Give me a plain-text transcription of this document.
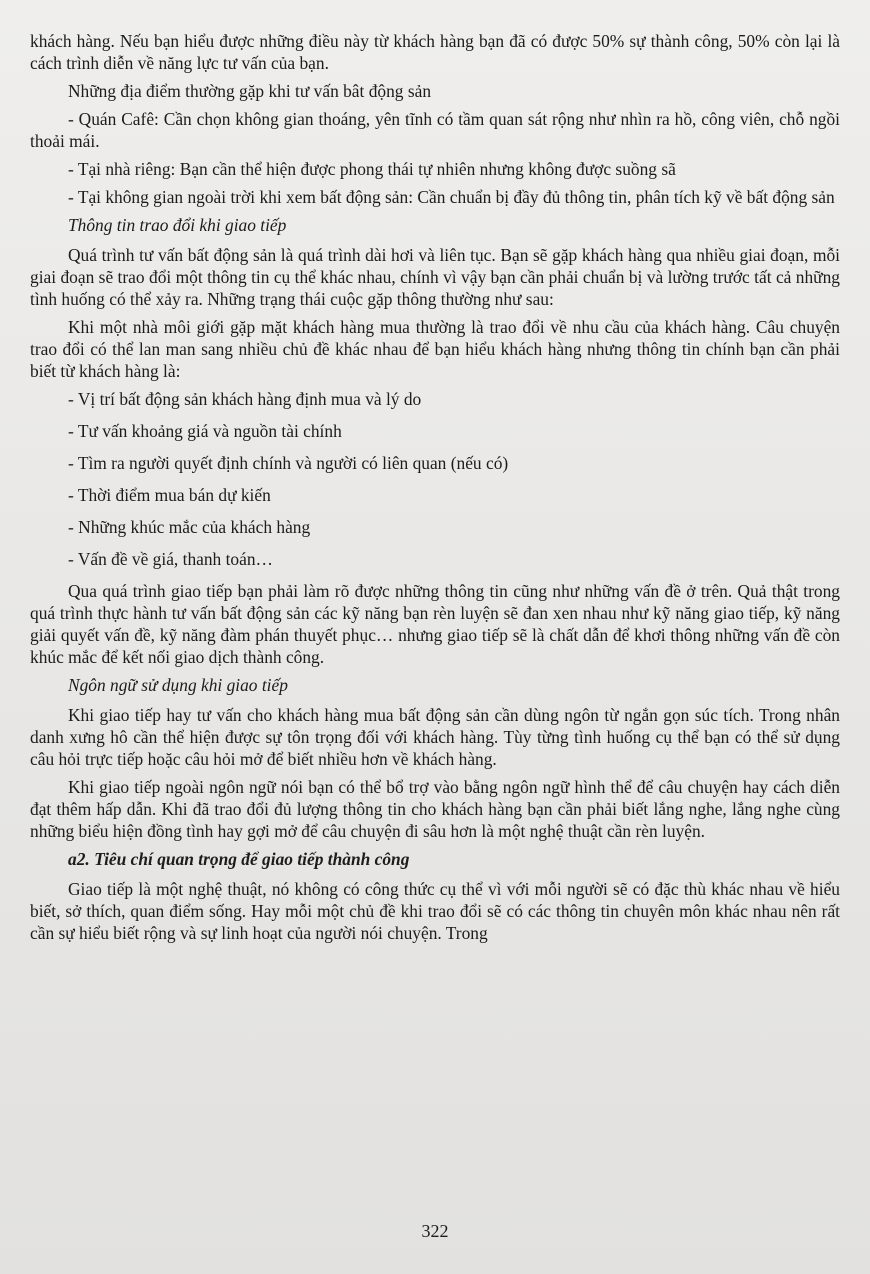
khách hàng. Nếu bạn hiểu được những điều này từ khách hàng bạn đã có được 50% sự thành công, 50% còn lại là cách trình diễn về năng lực tư vấn của bạn.

Những địa điểm thường gặp khi tư vấn bât động sản

- Quán Cafê: Cần chọn không gian thoáng, yên tĩnh có tầm quan sát rộng như nhìn ra hồ, công viên, chỗ ngồi thoải mái.

- Tại nhà riêng: Bạn cần thể hiện được phong thái tự nhiên nhưng không được suồng sã

- Tại không gian ngoài trời khi xem bất động sản: Cần chuẩn bị đầy đủ thông tin, phân tích kỹ về bất động sản

Thông tin trao đổi khi giao tiếp

Quá trình tư vấn bất động sản là quá trình dài hơi và liên tục. Bạn sẽ gặp khách hàng qua nhiều giai đoạn, mỗi giai đoạn sẽ trao đổi một thông tin cụ thể khác nhau, chính vì vậy bạn cần phải chuẩn bị và lường trước tất cả những tình huống có thể xảy ra. Những trạng thái cuộc gặp thông thường như sau:

Khi một nhà môi giới gặp mặt khách hàng mua thường là trao đổi về nhu cầu của khách hàng. Câu chuyện trao đổi có thể lan man sang nhiều chủ đề khác nhau để bạn hiểu khách hàng nhưng thông tin chính bạn cần phải biết từ khách hàng là:

- Vị trí bất động sản khách hàng định mua và lý do

- Tư vấn khoảng giá và nguồn tài chính

- Tìm ra người quyết định chính và người có liên quan (nếu có)

- Thời điểm mua bán dự kiến

- Những khúc mắc của khách hàng

- Vấn đề về giá, thanh toán…

Qua quá trình giao tiếp bạn phải làm rõ được những thông tin cũng như những vấn đề ở trên. Quả thật trong quá trình thực hành tư vấn bất động sản các kỹ năng bạn rèn luyện sẽ đan xen nhau như kỹ năng giao tiếp, kỹ năng giải quyết vấn đề, kỹ năng đàm phán thuyết phục… nhưng giao tiếp sẽ là chất dẫn để khơi thông những vấn đề còn khúc mắc để kết nối giao dịch thành công.

Ngôn ngữ sử dụng khi giao tiếp

Khi giao tiếp hay tư vấn cho khách hàng mua bất động sản cần dùng ngôn từ ngắn gọn súc tích. Trong nhân danh xưng hô cần thể hiện được sự tôn trọng đối với khách hàng. Tùy từng tình huống cụ thể bạn có thể sử dụng câu hỏi trực tiếp hoặc câu hỏi mở để biết nhiều hơn về khách hàng.

Khi giao tiếp ngoài ngôn ngữ nói bạn có thể bổ trợ vào bằng ngôn ngữ hình thể để câu chuyện hay cách diễn đạt thêm hấp dẫn. Khi đã trao đổi đủ lượng thông tin cho khách hàng bạn cần phải biết lắng nghe, lắng nghe cùng những biểu hiện đồng tình hay gợi mở để câu chuyện đi sâu hơn là một nghệ thuật cần rèn luyện.

a2. Tiêu chí quan trọng để giao tiếp thành công

Giao tiếp là một nghệ thuật, nó không có công thức cụ thể vì với mỗi người sẽ có đặc thù khác nhau về hiểu biết, sở thích, quan điểm sống. Hay mỗi một chủ đề khi trao đổi sẽ có các thông tin chuyên môn khác nhau nên rất cần sự hiểu biết rộng và sự linh hoạt của người nói chuyện. Trong

322
